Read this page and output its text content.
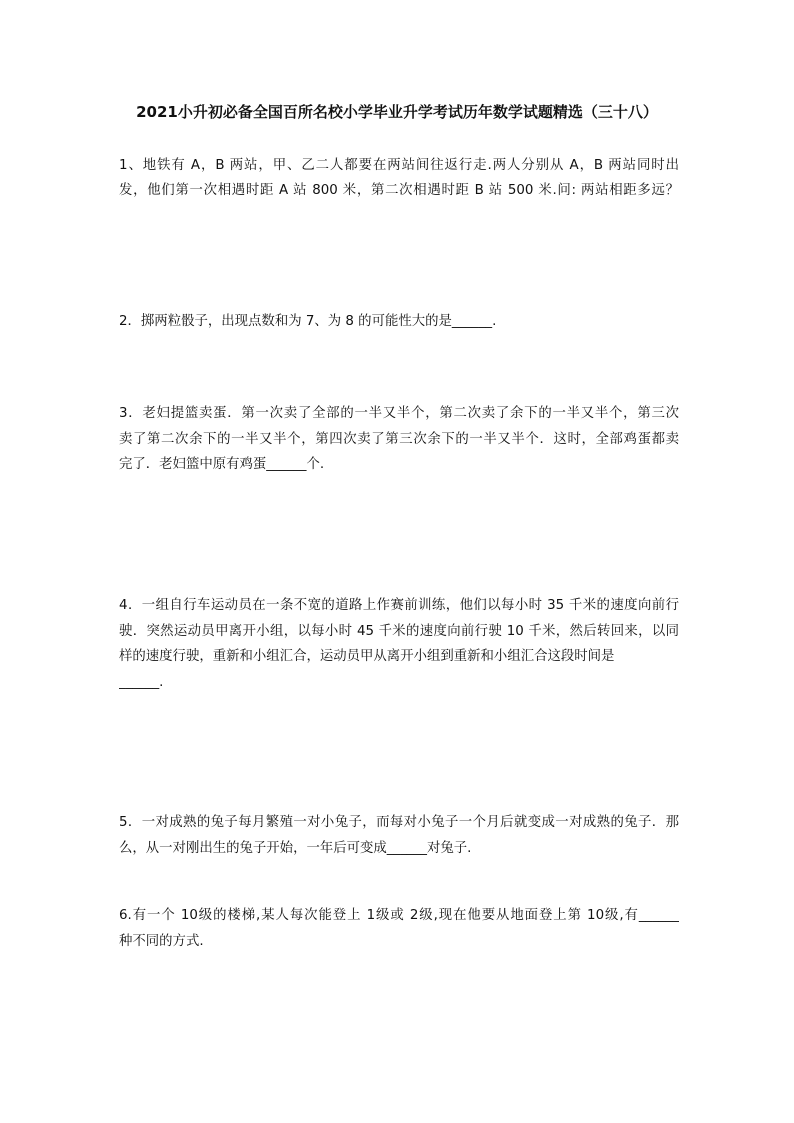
2021小升初必备全国百所名校小学毕业升学考试历年数学试题精选（三十八）
1、地铁有 A，B 两站，甲、乙二人都要在两站间往返行走.两人分别从 A，B 两站同时出
发，他们第一次相遇时距 A 站 800 米，第二次相遇时距 B 站 500 米.问: 两站相距多远？
2．掷两粒骰子，出现点数和为 7、为 8 的可能性大的是______.
3．老妇提篮卖蛋．第一次卖了全部的一半又半个，第二次卖了余下的一半又半个，第三次
卖了第二次余下的一半又半个，第四次卖了第三次余下的一半又半个．这时，全部鸡蛋都卖
完了．老妇篮中原有鸡蛋______个.
4．一组自行车运动员在一条不宽的道路上作赛前训练，他们以每小时 35 千米的速度向前行
驶．突然运动员甲离开小组，以每小时 45 千米的速度向前行驶 10 千米，然后转回来，以同
样的速度行驶，重新和小组汇合，运动员甲从离开小组到重新和小组汇合这段时间是
______.
5．一对成熟的兔子每月繁殖一对小兔子，而每对小兔子一个月后就变成一对成熟的兔子．那
么，从一对刚出生的兔子开始，一年后可变成______对兔子.
6.有一个 10级的楼梯,某人每次能登上 1级或 2级,现在他要从地面登上第 10级,有______
种不同的方式.
